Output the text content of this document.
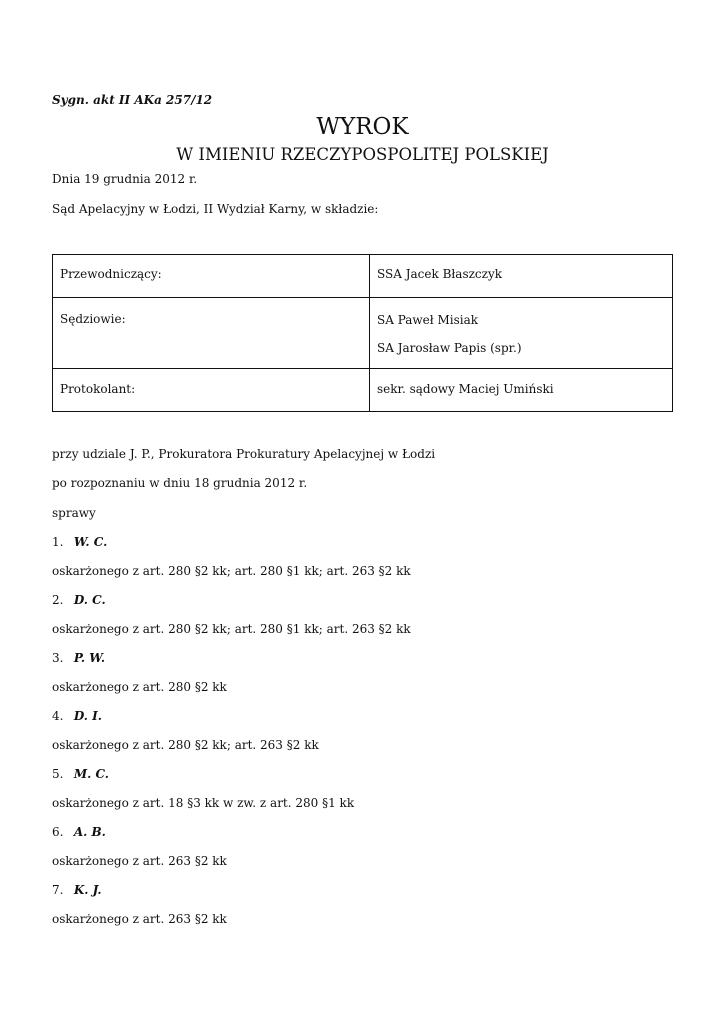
Sygn. akt II AKa 257/12
WYROK
W IMIENIU RZECZYPOSPOLITEJ POLSKIEJ
Dnia 19 grudnia 2012 r.
Sąd Apelacyjny w Łodzi, II Wydział Karny, w składzie:
Przewodniczący:	SSA Jacek Błaszczyk
Sędziowie:	SA Paweł Misiak
SA Jarosław Papis (spr.)

Protokolant:	sekr. sądowy Maciej Umiński
przy udziale J. P., Prokuratora Prokuratury Apelacyjnej w Łodzi
po rozpoznaniu w dniu 18 grudnia 2012 r.
sprawy
1. W. C.
oskarżonego z art. 280 §2 kk; art. 280 §1 kk; art. 263 §2 kk
2. D. C.
oskarżonego z art. 280 §2 kk; art. 280 §1 kk; art. 263 §2 kk
3. P. W.
oskarżonego z art. 280 §2 kk
4. D. I.
oskarżonego z art. 280 §2 kk; art. 263 §2 kk
5. M. C.
oskarżonego z art. 18 §3 kk w zw. z art. 280 §1 kk
6. A. B.
oskarżonego z art. 263 §2 kk
7. K. J.
oskarżonego z art. 263 §2 kk
